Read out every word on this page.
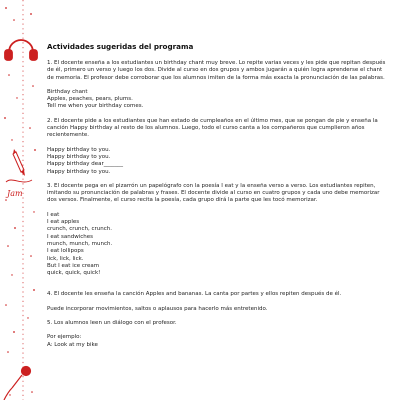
Jam

Actividades sugeridas del programa

1. El docente enseña a los estudiantes un birthday chant muy breve. Lo repite varias veces y les pide que repitan después de él, primero un verso y luego los dos. Divide al curso en dos grupos y ambos jugarán a quién logra aprenderse el chant de memoria. El profesor debe corroborar que los alumnos imiten de la forma más exacta la pronunciación de las palabras.

Birthday chant

Apples, peaches, pears, plums.

Tell me when your birthday comes.

2. El docente pide a los estudiantes que han estado de cumpleaños en el último mes, que se pongan de pie y enseña la canción Happy birthday al resto de los alumnos. Luego, todo el curso canta a los compañeros que cumplieron años recientemente.

Happy birthday to you.

Happy birthday to you.

Happy birthday dear_______

Happy birthday to you.

3. El docente pega en el pizarrón un papelógrafo con la poesía I eat y la enseña verso a verso. Los estudiantes repiten, imitando su pronunciación de palabras y frases. El docente divide al curso en cuatro grupos y cada uno debe memorizar dos versos. Finalmente, el curso recita la poesía, cada grupo dirá la parte que les tocó memorizar.

I eat

I eat apples

crunch, crunch, crunch.

I eat sandwiches

munch, munch, munch.

I eat lollipops

lick, lick, lick.

But I eat ice cream

quick, quick, quick!

4. El docente les enseña la canción Apples and bananas. La canta por partes y ellos repiten después de él.

Puede incorporar movimientos, saltos o aplausos para hacerlo más entretenido.

5. Los alumnos leen un diálogo con el profesor.

Por ejemplo:

A: Look at my bike
